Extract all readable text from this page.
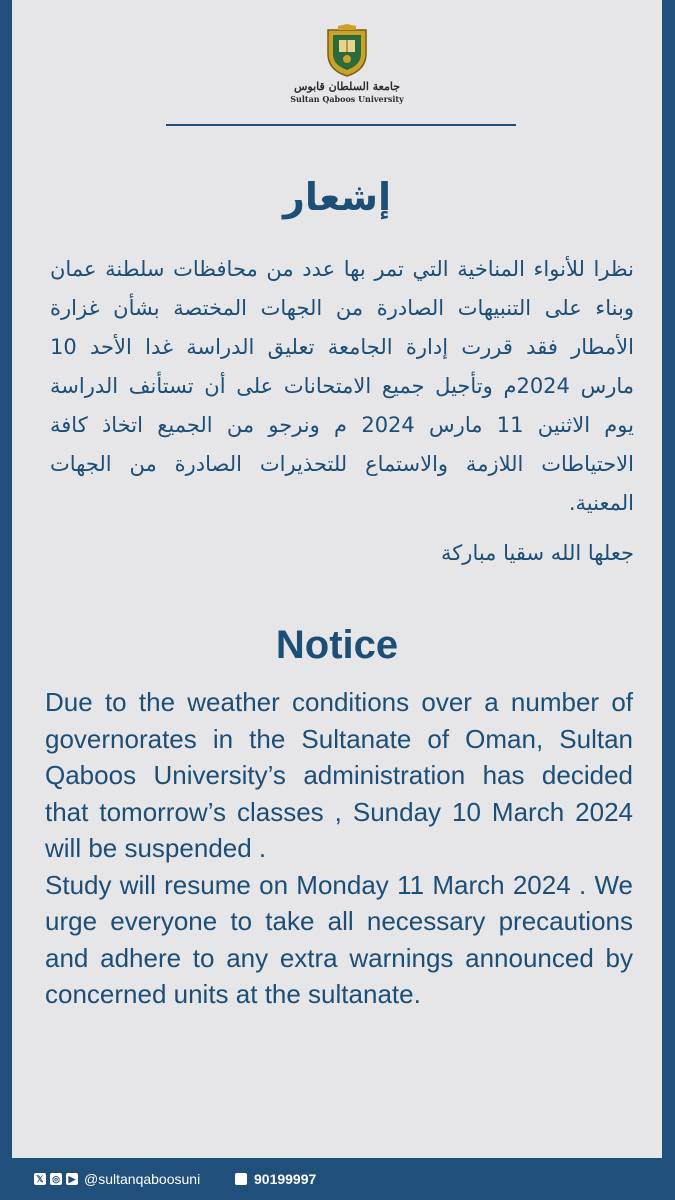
جامعة السلطان قابوس
Sultan Qaboos University
إشعار
نظرا للأنواء المناخية التي تمر بها عدد من محافظات سلطنة عمان وبناء على التنبيهات الصادرة من الجهات المختصة بشأن غزارة الأمطار فقد قررت إدارة الجامعة تعليق الدراسة غدا الأحد 10 مارس 2024م وتأجيل جميع الامتحانات على أن تستأنف الدراسة يوم الاثنين 11 مارس 2024 م ونرجو من الجميع اتخاذ كافة الاحتياطات اللازمة والاستماع للتحذيرات الصادرة من الجهات المعنية.
جعلها الله سقيا مباركة
Notice

Due to the weather conditions over a number of governorates in the Sultanate of Oman, Sultan Qaboos University’s administration has decided that tomorrow’s classes , Sunday 10 March 2024 will be suspended .

Study will resume on Monday 11 March 2024 . We urge everyone to take all necessary precautions and adhere to any extra warnings announced by concerned units at the sultanate.

𝕏 ◎ ▶ @sultanqaboosuni	90199997
